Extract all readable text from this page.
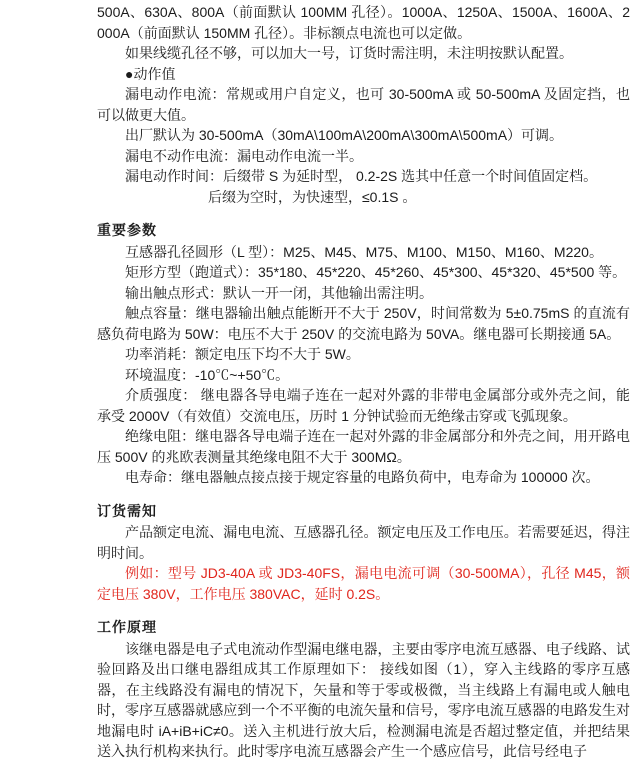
500A、630A、800A（前面默认 100MM 孔径）。1000A、1250A、1500A、1600A、2000A（前面默认 150MM 孔径）。非标额点电流也可以定做。

如果线缆孔径不够，可以加大一号，订货时需注明，未注明按默认配置。

●动作值

漏电动作电流：常规或用户自定义，也可 30-500mA 或 50-500mA 及固定挡，也可以做更大值。

出厂默认为 30-500mA（30mA\100mA\200mA\300mA\500mA）可调。

漏电不动作电流：漏电动作电流一半。

漏电动作时间：后缀带 S 为延时型， 0.2-2S 选其中任意一个时间值固定档。

后缀为空时，为快速型，≤0.1S 。

重要参数

互感器孔径圆形（L 型）：M25、M45、M75、M100、M150、M160、M220。

矩形方型（跑道式）：35*180、45*220、45*260、45*300、45*320、45*500 等。

输出触点形式：默认一开一闭，其他输出需注明。

触点容量：继电器输出触点能断开不大于 250V，时间常数为 5±0.75mS 的直流有感负荷电路为 50W：电压不大于 250V 的交流电路为 50VA。继电器可长期接通 5A。

功率消耗：额定电压下均不大于 5W。

环境温度：-10℃~+50℃。

介质强度： 继电器各导电端子连在一起对外露的非带电金属部分或外壳之间，能承受 2000V（有效值）交流电压，历时 1 分钟试验而无绝缘击穿或飞弧现象。

绝缘电阻：继电器各导电端子连在一起对外露的非金属部分和外壳之间，用开路电压 500V 的兆欧表测量其绝缘电阻不大于 300MΩ。

电寿命：继电器触点接点接于规定容量的电路负荷中，电寿命为 100000 次。

订货需知

产品额定电流、漏电电流、互感器孔径。额定电压及工作电压。若需要延迟，得注明时间。

例如：型号 JD3-40A 或 JD3-40FS，漏电电流可调（30-500MA），孔径 M45，额定电压 380V，工作电压 380VAC，延时 0.2S。

工作原理

该继电器是电子式电流动作型漏电继电器，主要由零序电流互感器、电子线路、试验回路及出口继电器组成其工作原理如下： 接线如图（1），穿入主线路的零序互感器，在主线路没有漏电的情况下，矢量和等于零或极微，当主线路上有漏电或人触电时，零序互感器就感应到一个不平衡的电流矢量和信号，零序电流互感器的电路发生对地漏电时 iA+iB+iC≠0。送入主机进行放大后，检测漏电流是否超过整定值，并把结果送入执行机构来执行。此时零序电流互感器会产生一个感应信号，此信号经电子
